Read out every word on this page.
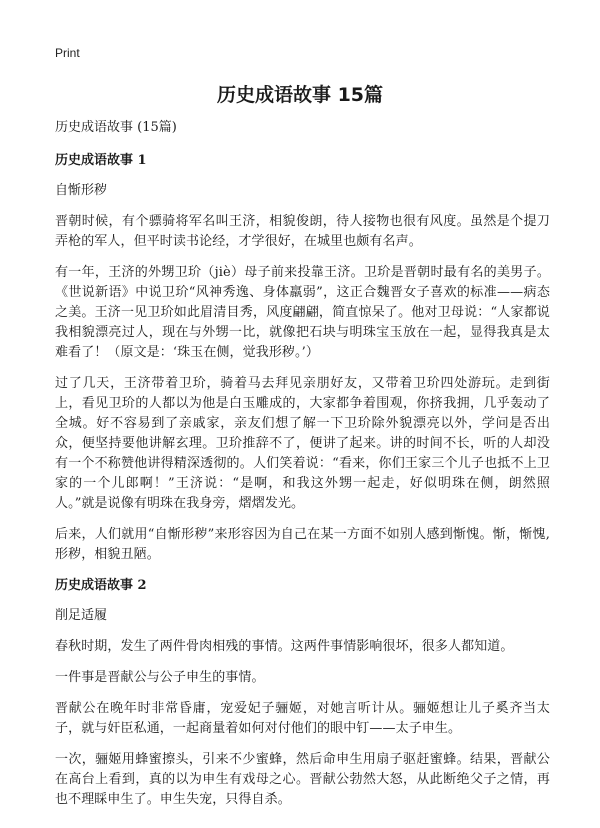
Print
历史成语故事 15篇

历史成语故事 (15篇)

历史成语故事 1

自惭形秽

晋朝时候，有个骠骑将军名叫王济，相貌俊朗，待人接物也很有风度。虽然是个提刀弄枪的军人，但平时读书论经，才学很好，在城里也颇有名声。

有一年，王济的外甥卫玠（jiè）母子前来投靠王济。卫玠是晋朝时最有名的美男子。《世说新语》中说卫玠“风神秀逸、身体羸弱”，这正合魏晋女子喜欢的标准——病态之美。王济一见卫玠如此眉清目秀，风度翩翩，简直惊呆了。他对卫母说：“人家都说我相貌漂亮过人，现在与外甥一比，就像把石块与明珠宝玉放在一起，显得我真是太难看了！（原文是：‘珠玉在侧，觉我形秽。’）

过了几天，王济带着卫玠，骑着马去拜见亲朋好友，又带着卫玠四处游玩。走到街上，看见卫玠的人都以为他是白玉雕成的，大家都争着围观，你挤我拥，几乎轰动了全城。好不容易到了亲戚家，亲友们想了解一下卫玠除外貌漂亮以外，学问是否出众，便坚持要他讲解玄理。卫玠推辞不了，便讲了起来。讲的时间不长，听的人却没有一个不称赞他讲得精深透彻的。人们笑着说：“看来，你们王家三个儿子也抵不上卫家的一个儿郎啊！”王济说：“是啊，和我这外甥一起走，好似明珠在侧，朗然照人。”就是说像有明珠在我身旁，熠熠发光。

后来，人们就用“自惭形秽”来形容因为自己在某一方面不如别人感到惭愧。惭，惭愧,形秽，相貌丑陋。

历史成语故事 2

削足适履

春秋时期，发生了两件骨肉相残的事情。这两件事情影响很坏，很多人都知道。

一件事是晋献公与公子申生的事情。

晋献公在晚年时非常昏庸，宠爱妃子骊姬，对她言听计从。骊姬想让儿子奚齐当太子，就与奸臣私通，一起商量着如何对付他们的眼中钉——太子申生。

一次，骊姬用蜂蜜擦头，引来不少蜜蜂，然后命申生用扇子驱赶蜜蜂。结果，晋献公在高台上看到，真的以为申生有戏母之心。晋献公勃然大怒，从此断绝父子之情，再也不理睬申生了。申生失宠，只得自杀。
